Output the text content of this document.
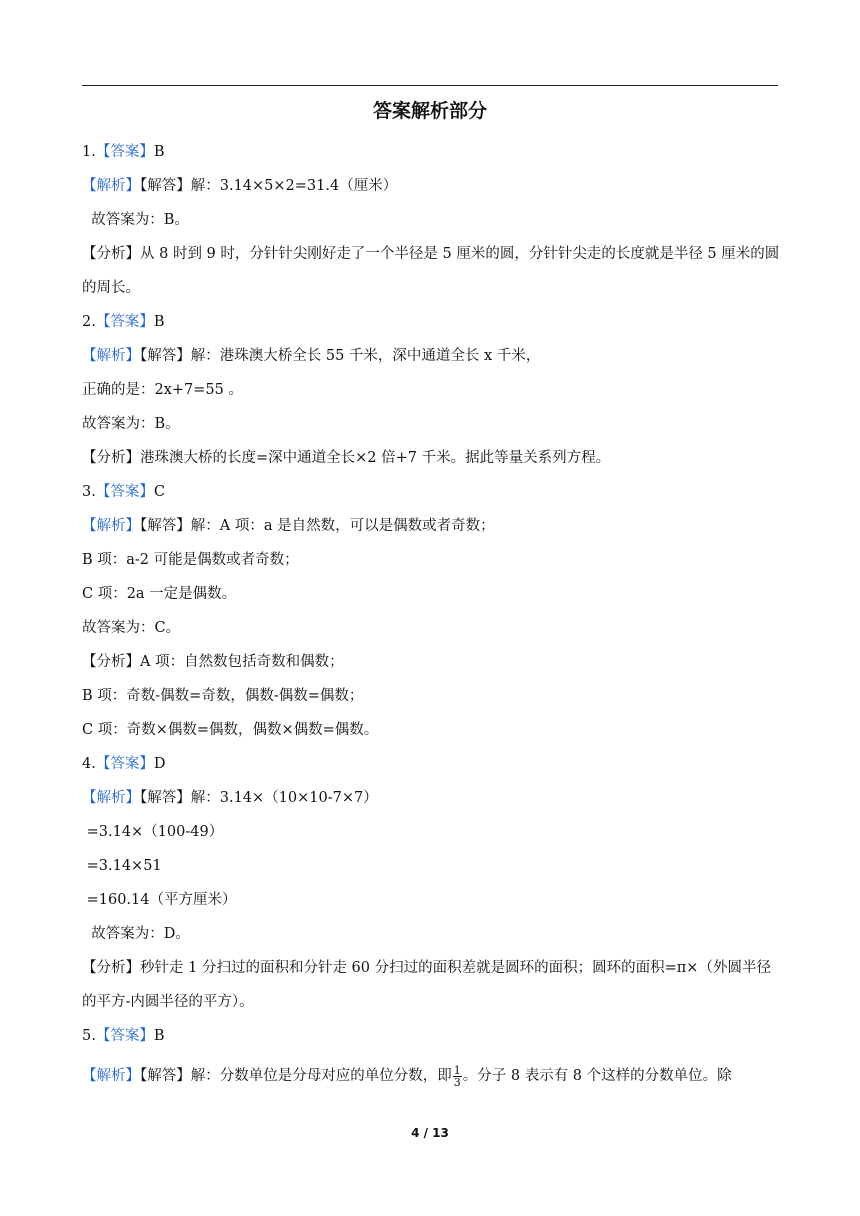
答案解析部分
1.【答案】B
【解析】【解答】解：3.14×5×2=31.4（厘米）
故答案为：B。
【分析】从 8 时到 9 时，分针针尖刚好走了一个半径是 5 厘米的圆，分针针尖走的长度就是半径 5 厘米的圆的周长。
2.【答案】B
【解析】【解答】解：港珠澳大桥全长 55 千米，深中通道全长 x 千米，
正确的是：2x+7=55 。
故答案为：B。
【分析】港珠澳大桥的长度=深中通道全长×2 倍+7 千米。据此等量关系列方程。
3.【答案】C
【解析】【解答】解：A 项：a 是自然数，可以是偶数或者奇数；
B 项：a-2 可能是偶数或者奇数；
C 项：2a 一定是偶数。
故答案为：C。
【分析】A 项：自然数包括奇数和偶数；
B 项：奇数-偶数=奇数，偶数-偶数=偶数；
C 项：奇数×偶数=偶数，偶数×偶数=偶数。
4.【答案】D
【解析】【解答】解：3.14×（10×10-7×7）
=3.14×（100-49）
=3.14×51
=160.14（平方厘米）
故答案为：D。
【分析】秒针走 1 分扫过的面积和分针走 60 分扫过的面积差就是圆环的面积；圆环的面积=π×（外圆半径的平方-内圆半径的平方）。
5.【答案】B
【解析】【解答】解：分数单位是分母对应的单位分数，即 $\frac{1}{3}$ 。分子 8 表示有 8 个这样的分数单位。除
4 / 13
